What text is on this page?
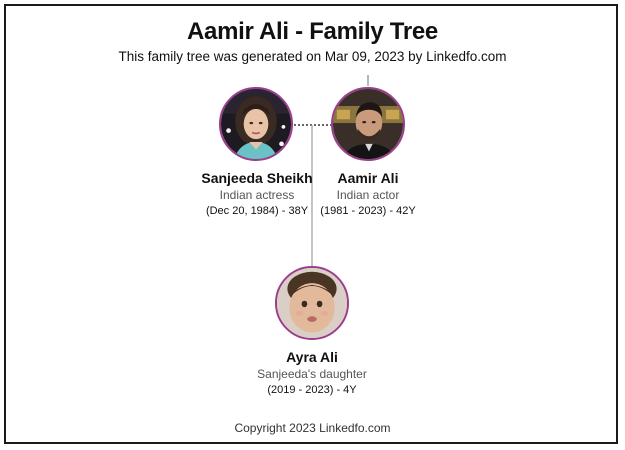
Aamir Ali - Family Tree
This family tree was generated on Mar 09, 2023 by Linkedfo.com
Sanjeeda Sheikh
Indian actress
(Dec 20, 1984) - 38Y
Aamir Ali
Indian actor
(1981 - 2023) - 42Y
Ayra Ali
Sanjeeda's daughter
(2019 - 2023) - 4Y
Copyright 2023 Linkedfo.com
